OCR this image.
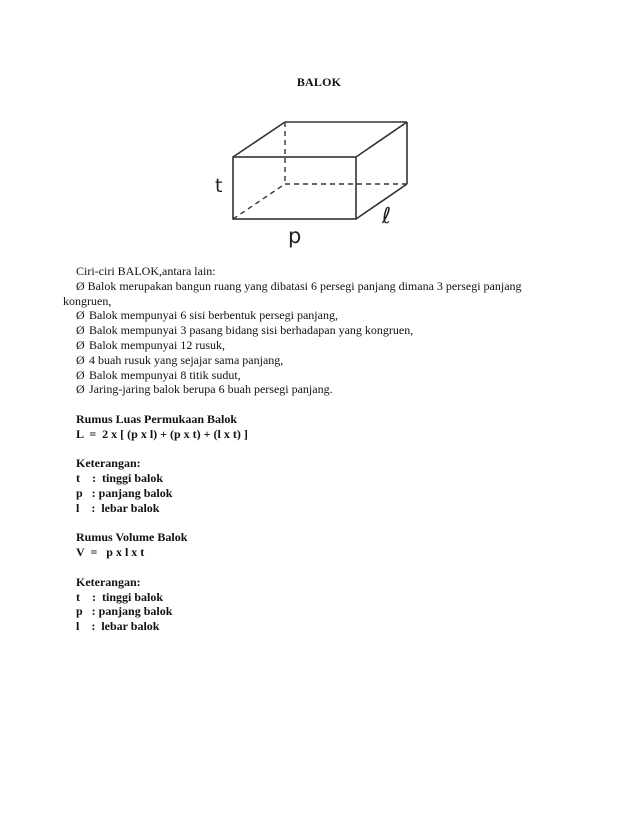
BALOK
t
p
ℓ

Ciri-ciri BALOK,antara lain:

Ø Balok merupakan bangun ruang yang dibatasi 6 persegi panjang dimana 3 persegi panjang kongruen,
Ø Balok mempunyai 6 sisi berbentuk persegi panjang,
Ø Balok mempunyai 3 pasang bidang sisi berhadapan yang kongruen,
Ø Balok mempunyai 12 rusuk,
Ø 4 buah rusuk yang sejajar sama panjang,
Ø Balok mempunyai 8 titik sudut,
Ø Jaring-jaring balok berupa 6 buah persegi panjang.

Rumus Luas Permukaan Balok

L  =  2 x [ (p x l) + (p x t) + (l x t) ]

Keterangan:

t    :  tinggi balok

p   : panjang balok

l    :  lebar balok

Rumus Volume Balok

V  =   p x l x t

Keterangan:

t    :  tinggi balok

p   : panjang balok

l    :  lebar balok
